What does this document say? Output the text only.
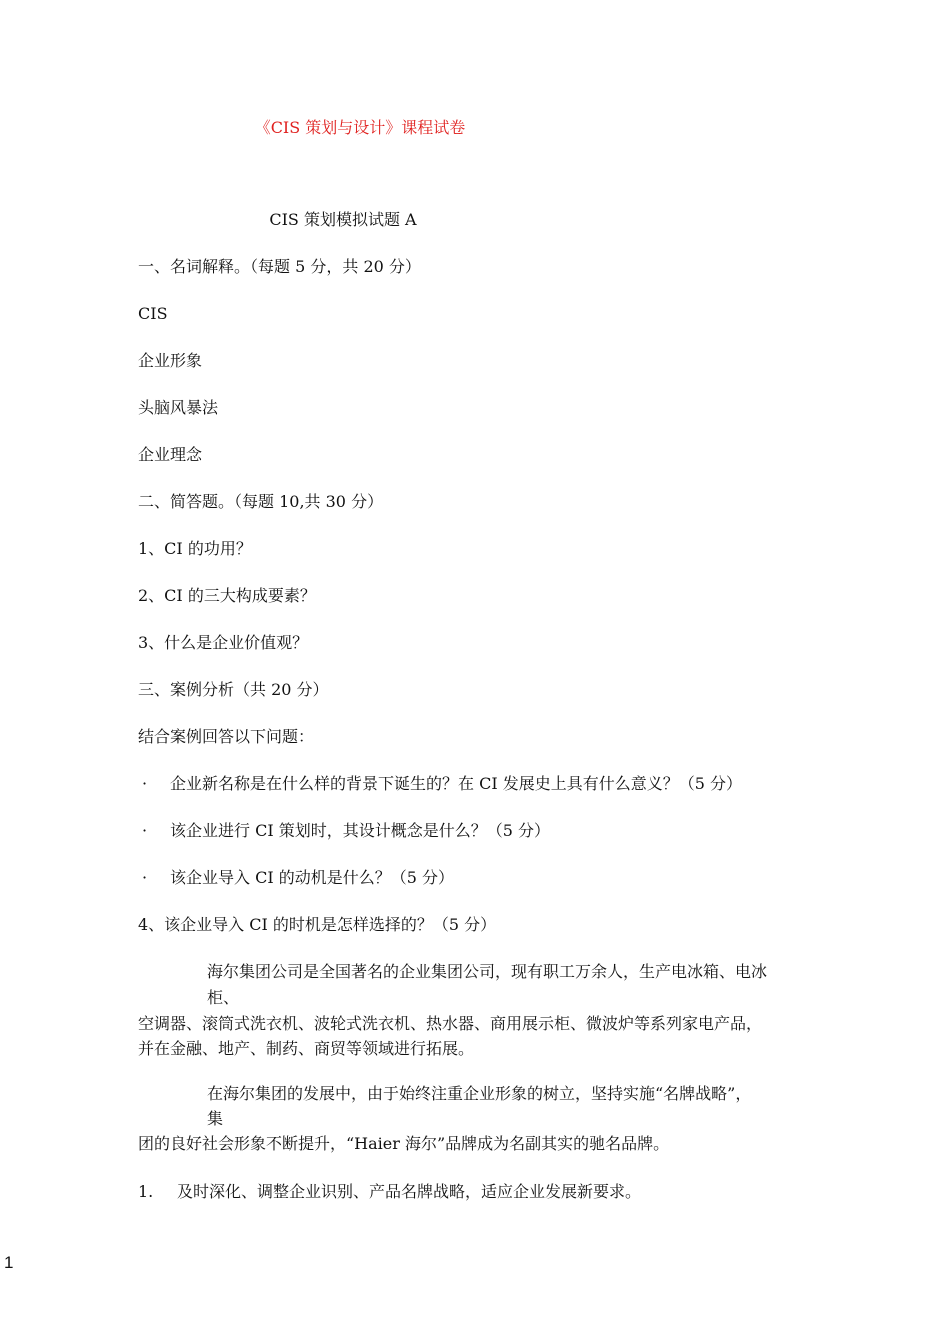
《CIS 策划与设计》课程试卷
CIS 策划模拟试题 A
一、名词解释。（每题 5 分，共 20 分）
CIS
企业形象
头脑风暴法
企业理念
二、简答题。（每题 10,共 30 分）
1、CI 的功用？
2、CI 的三大构成要素？
3、什么是企业价值观？
三、案例分析（共 20 分）
结合案例回答以下问题：
· 企业新名称是在什么样的背景下诞生的？在 CI 发展史上具有什么意义？（5 分）
· 该企业进行 CI 策划时，其设计概念是什么？（5 分）
· 该企业导入 CI 的动机是什么？（5 分）
4、该企业导入 CI 的时机是怎样选择的？（5 分）
海尔集团公司是全国著名的企业集团公司，现有职工万余人，生产电冰箱、电冰
柜、
空调器、滚筒式洗衣机、波轮式洗衣机、热水器、商用展示柜、微波炉等系列家电产品，
并在金融、地产、制药、商贸等领域进行拓展。
在海尔集团的发展中，由于始终注重企业形象的树立，坚持实施“名牌战略”，
集
团的良好社会形象不断提升，“Haier 海尔”品牌成为名副其实的驰名品牌。
1. 及时深化、调整企业识别、产品名牌战略，适应企业发展新要求。
1
